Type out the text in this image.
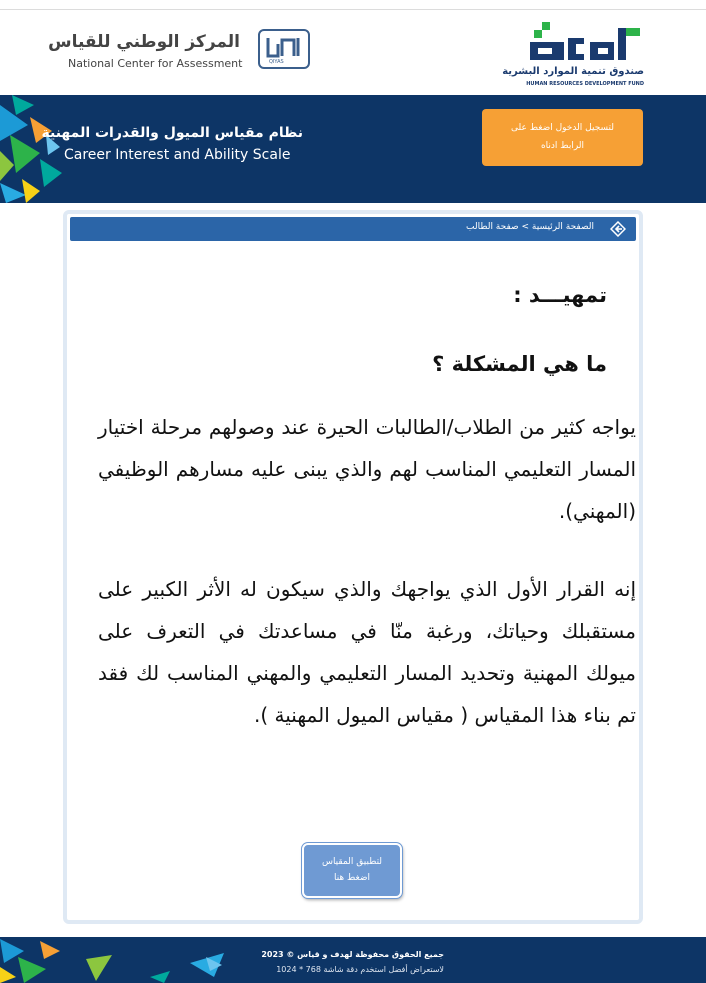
QIYAS
المركز الوطني للقياس
National Center for Assessment
صندوق تنمية الموارد البشرية
HUMAN RESOURCES DEVELOPMENT FUND
نظام مقياس الميول والقدرات المهنية
Career Interest and Ability Scale
لتسجيل الدخول اضغط على الرابط ادناه
الصفحة الرئيسية > صفحة الطالب
تمهيـــد :
ما هي المشكلة ؟
يواجه كثير من الطلاب/الطالبات الحيرة عند وصولهم مرحلة اختيار المسار التعليمي المناسب لهم والذي يبنى عليه مسارهم الوظيفي (المهني).
إنه القرار الأول الذي يواجهك والذي سيكون له الأثر الكبير على مستقبلك وحياتك، ورغبة منّا في مساعدتك في التعرف على ميولك المهنية وتحديد المسار التعليمي والمهني المناسب لك فقد تم بناء هذا المقياس ( مقياس الميول المهنية ).
لتطبيق المقياس اضغط هنا
جميع الحقوق محفوظة لهدف و قياس © 2023
لاستعراض أفضل استخدم دقة شاشة 768 * 1024
